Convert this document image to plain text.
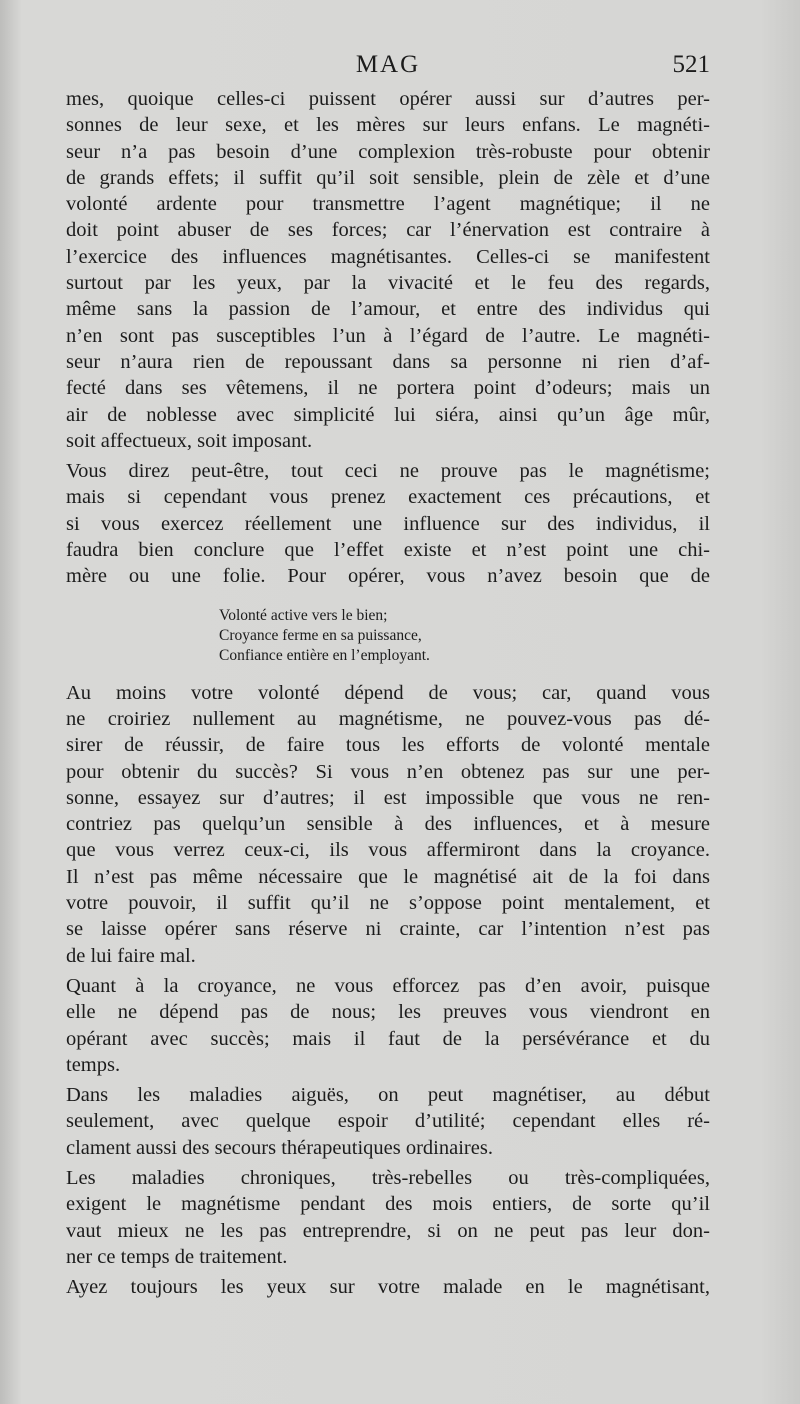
MAG	521

mes, quoique celles-ci puissent opérer aussi sur d’autres per-
sonnes de leur sexe, et les mères sur leurs enfans. Le magnéti-
seur n’a pas besoin d’une complexion très-robuste pour obtenir
de grands effets; il suffit qu’il soit sensible, plein de zèle et d’une
volonté ardente pour transmettre l’agent magnétique; il ne
doit point abuser de ses forces; car l’énervation est contraire à
l’exercice des influences magnétisantes. Celles-ci se manifestent
surtout par les yeux, par la vivacité et le feu des regards,
même sans la passion de l’amour, et entre des individus qui
n’en sont pas susceptibles l’un à l’égard de l’autre. Le magnéti-
seur n’aura rien de repoussant dans sa personne ni rien d’af-
fecté dans ses vêtemens, il ne portera point d’odeurs; mais un
air de noblesse avec simplicité lui siéra, ainsi qu’un âge mûr,
soit affectueux, soit imposant.

Vous direz peut-être, tout ceci ne prouve pas le magnétisme;
mais si cependant vous prenez exactement ces précautions, et
si vous exercez réellement une influence sur des individus, il
faudra bien conclure que l’effet existe et n’est point une chi-
mère ou une folie. Pour opérer, vous n’avez besoin que de

Volonté active vers le bien;
Croyance ferme en sa puissance,
Confiance entière en l’employant.

Au moins votre volonté dépend de vous; car, quand vous
ne croiriez nullement au magnétisme, ne pouvez-vous pas dé-
sirer de réussir, de faire tous les efforts de volonté mentale
pour obtenir du succès? Si vous n’en obtenez pas sur une per-
sonne, essayez sur d’autres; il est impossible que vous ne ren-
contriez pas quelqu’un sensible à des influences, et à mesure
que vous verrez ceux-ci, ils vous affermiront dans la croyance.
Il n’est pas même nécessaire que le magnétisé ait de la foi dans
votre pouvoir, il suffit qu’il ne s’oppose point mentalement, et
se laisse opérer sans réserve ni crainte, car l’intention n’est pas
de lui faire mal.

Quant à la croyance, ne vous efforcez pas d’en avoir, puisque
elle ne dépend pas de nous; les preuves vous viendront en
opérant avec succès; mais il faut de la persévérance et du
temps.

Dans les maladies aiguës, on peut magnétiser, au début
seulement, avec quelque espoir d’utilité; cependant elles ré-
clament aussi des secours thérapeutiques ordinaires.

Les maladies chroniques, très-rebelles ou très-compliquées,
exigent le magnétisme pendant des mois entiers, de sorte qu’il
vaut mieux ne les pas entreprendre, si on ne peut pas leur don-
ner ce temps de traitement.

Ayez toujours les yeux sur votre malade en le magnétisant,
